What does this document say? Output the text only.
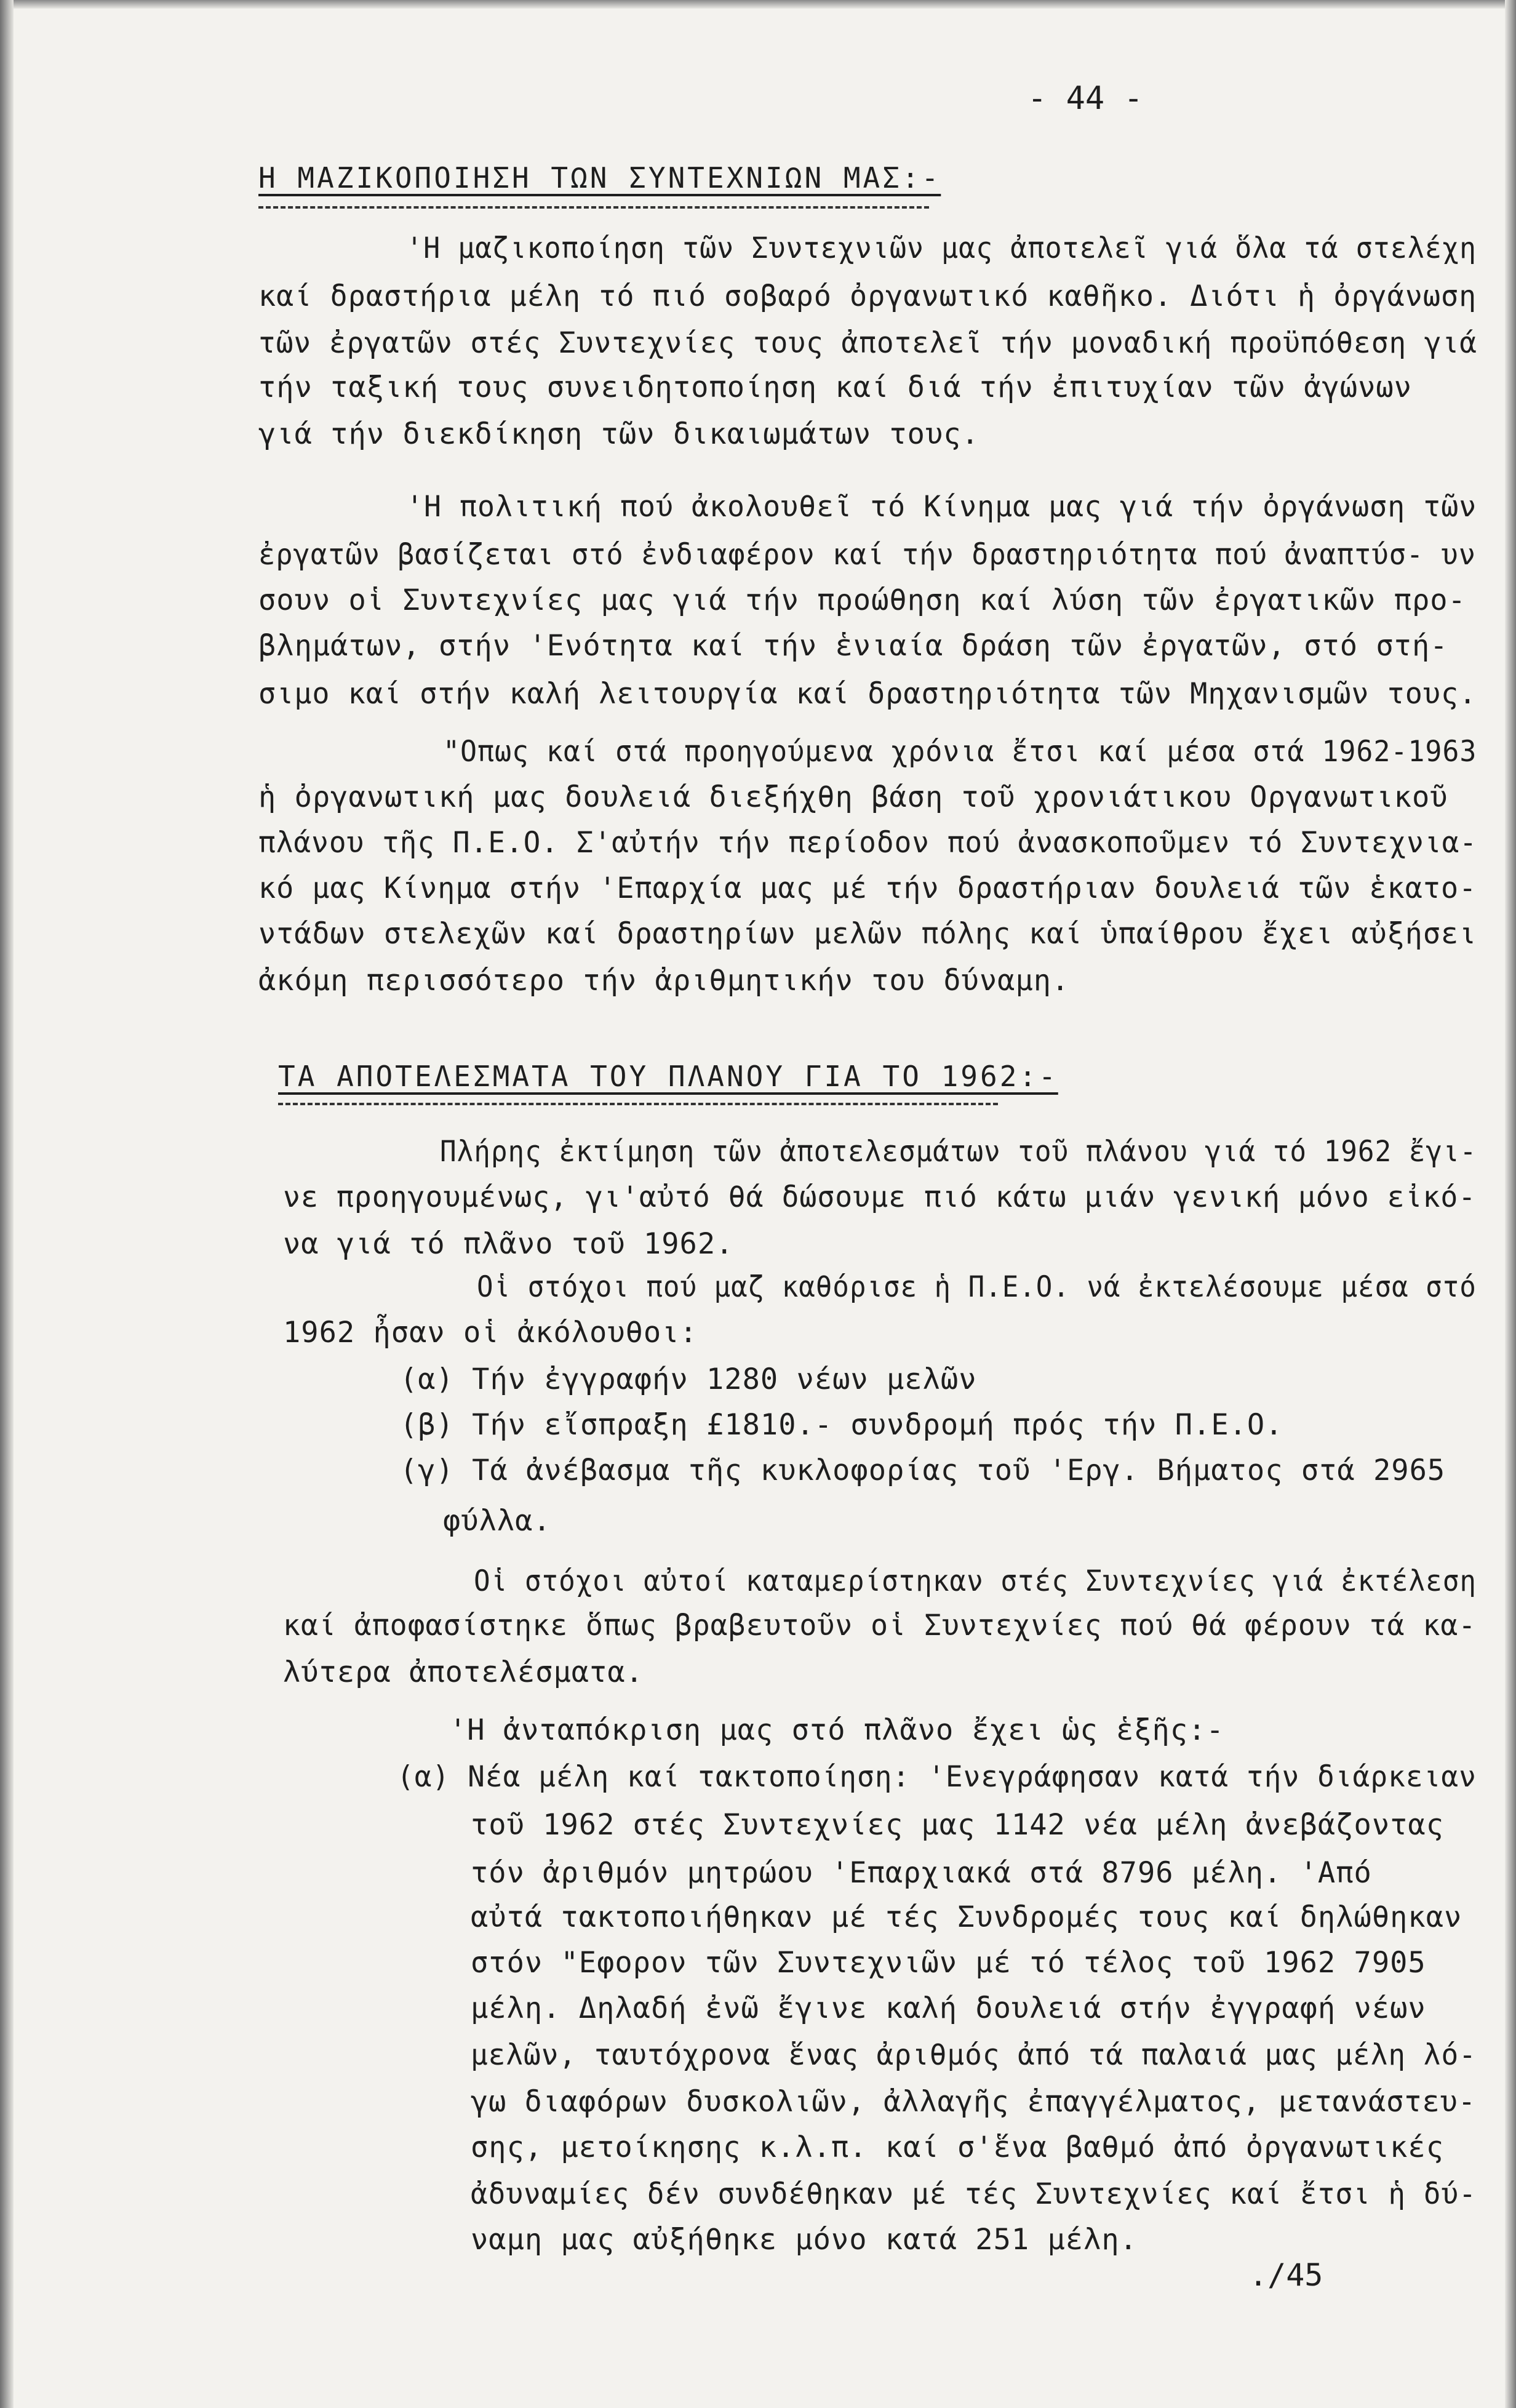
- 44 -
Η ΜΑΖΙΚΟΠΟΙΗΣΗ ΤΩΝ ΣΥΝΤΕΧΝΙΩΝ ΜΑΣ:-
'Η μαζικοποίηση τῶν Συντεχνιῶν μας ἀποτελεῖ γιά ὅλα τά στελέχη
καί δραστήρια μέλη τό πιό σοβαρό ὀργανωτικό καθῆκο. Διότι ἡ ὀργάνωση
τῶν ἐργατῶν στές Συντεχνίες τους ἀποτελεῖ τήν μοναδική προϋπόθεση γιά
τήν ταξική τους συνειδητοποίηση καί διά τήν ἐπιτυχίαν τῶν ἀγώνων
γιά τήν διεκδίκηση τῶν δικαιωμάτων τους.
'Η πολιτική πού ἀκολουθεῖ τό Κίνημα μας γιά τήν ὀργάνωση τῶν
ἐργατῶν βασίζεται στό ἐνδιαφέρον καί τήν δραστηριότητα πού ἀναπτύσ- υν
σουν οἱ Συντεχνίες μας γιά τήν προώθηση καί λύση τῶν ἐργατικῶν προ-
βλημάτων, στήν 'Ενότητα καί τήν ἑνιαία δράση τῶν ἐργατῶν, στό στή-
σιμο καί στήν καλή λειτουργία καί δραστηριότητα τῶν Μηχανισμῶν τους.
"Οπως καί στά προηγούμενα χρόνια ἔτσι καί μέσα στά 1962-1963
ἡ ὀργανωτική μας δουλειά διεξήχθη βάση τοῦ χρονιάτικου Οργανωτικοῦ
πλάνου τῆς Π.Ε.Ο. Σ'αὐτήν τήν περίοδον πού ἀνασκοποῦμεν τό Συντεχνια-
κό μας Κίνημα στήν 'Επαρχία μας μέ τήν δραστήριαν δουλειά τῶν ἑκατο-
ντάδων στελεχῶν καί δραστηρίων μελῶν πόλης καί ὑπαίθρου ἔχει αὐξήσει
ἀκόμη περισσότερο τήν ἀριθμητικήν του δύναμη.
ΤΑ ΑΠΟΤΕΛΕΣΜΑΤΑ ΤΟΥ ΠΛΑΝΟΥ ΓΙΑ ΤΟ 1962:-
Πλήρης ἐκτίμηση τῶν ἀποτελεσμάτων τοῦ πλάνου γιά τό 1962 ἔγι-
νε προηγουμένως, γι'αὐτό θά δώσουμε πιό κάτω μιάν γενική μόνο εἰκό-
να γιά τό πλᾶνο τοῦ 1962.
Οἱ στόχοι πού μαζ καθόρισε ἡ Π.Ε.Ο. νά ἐκτελέσουμε μέσα στό
1962 ἦσαν οἱ ἀκόλουθοι:
(α) Τήν ἐγγραφήν 1280 νέων μελῶν
(β) Τήν εἴσπραξη £1810.- συνδρομή πρός τήν Π.Ε.Ο.
(γ) Τά ἀνέβασμα τῆς κυκλοφορίας τοῦ 'Εργ. Βήματος στά 2965
φύλλα.
Οἱ στόχοι αὐτοί καταμερίστηκαν στές Συντεχνίες γιά ἐκτέλεση
καί ἀποφασίστηκε ὅπως βραβευτοῦν οἱ Συντεχνίες πού θά φέρουν τά κα-
λύτερα ἀποτελέσματα.
'Η ἀνταπόκριση μας στό πλᾶνο ἔχει ὡς ἑξῆς:-
(α) Νέα μέλη καί τακτοποίηση: 'Ενεγράφησαν κατά τήν διάρκειαν
τοῦ 1962 στές Συντεχνίες μας 1142 νέα μέλη ἀνεβάζοντας
τόν ἀριθμόν μητρώου 'Επαρχιακά στά 8796 μέλη. 'Από
αὐτά τακτοποιήθηκαν μέ τές Συνδρομές τους καί δηλώθηκαν
στόν "Εφορον τῶν Συντεχνιῶν μέ τό τέλος τοῦ 1962 7905
μέλη. Δηλαδή ἐνῶ ἔγινε καλή δουλειά στήν ἐγγραφή νέων
μελῶν, ταυτόχρονα ἕνας ἀριθμός ἀπό τά παλαιά μας μέλη λό-
γω διαφόρων δυσκολιῶν, ἀλλαγῆς ἐπαγγέλματος, μετανάστευ-
σης, μετοίκησης κ.λ.π. καί σ'ἕνα βαθμό ἀπό ὀργανωτικές
ἀδυναμίες δέν συνδέθηκαν μέ τές Συντεχνίες καί ἔτσι ἡ δύ-
ναμη μας αὐξήθηκε μόνο κατά 251 μέλη.
./45
